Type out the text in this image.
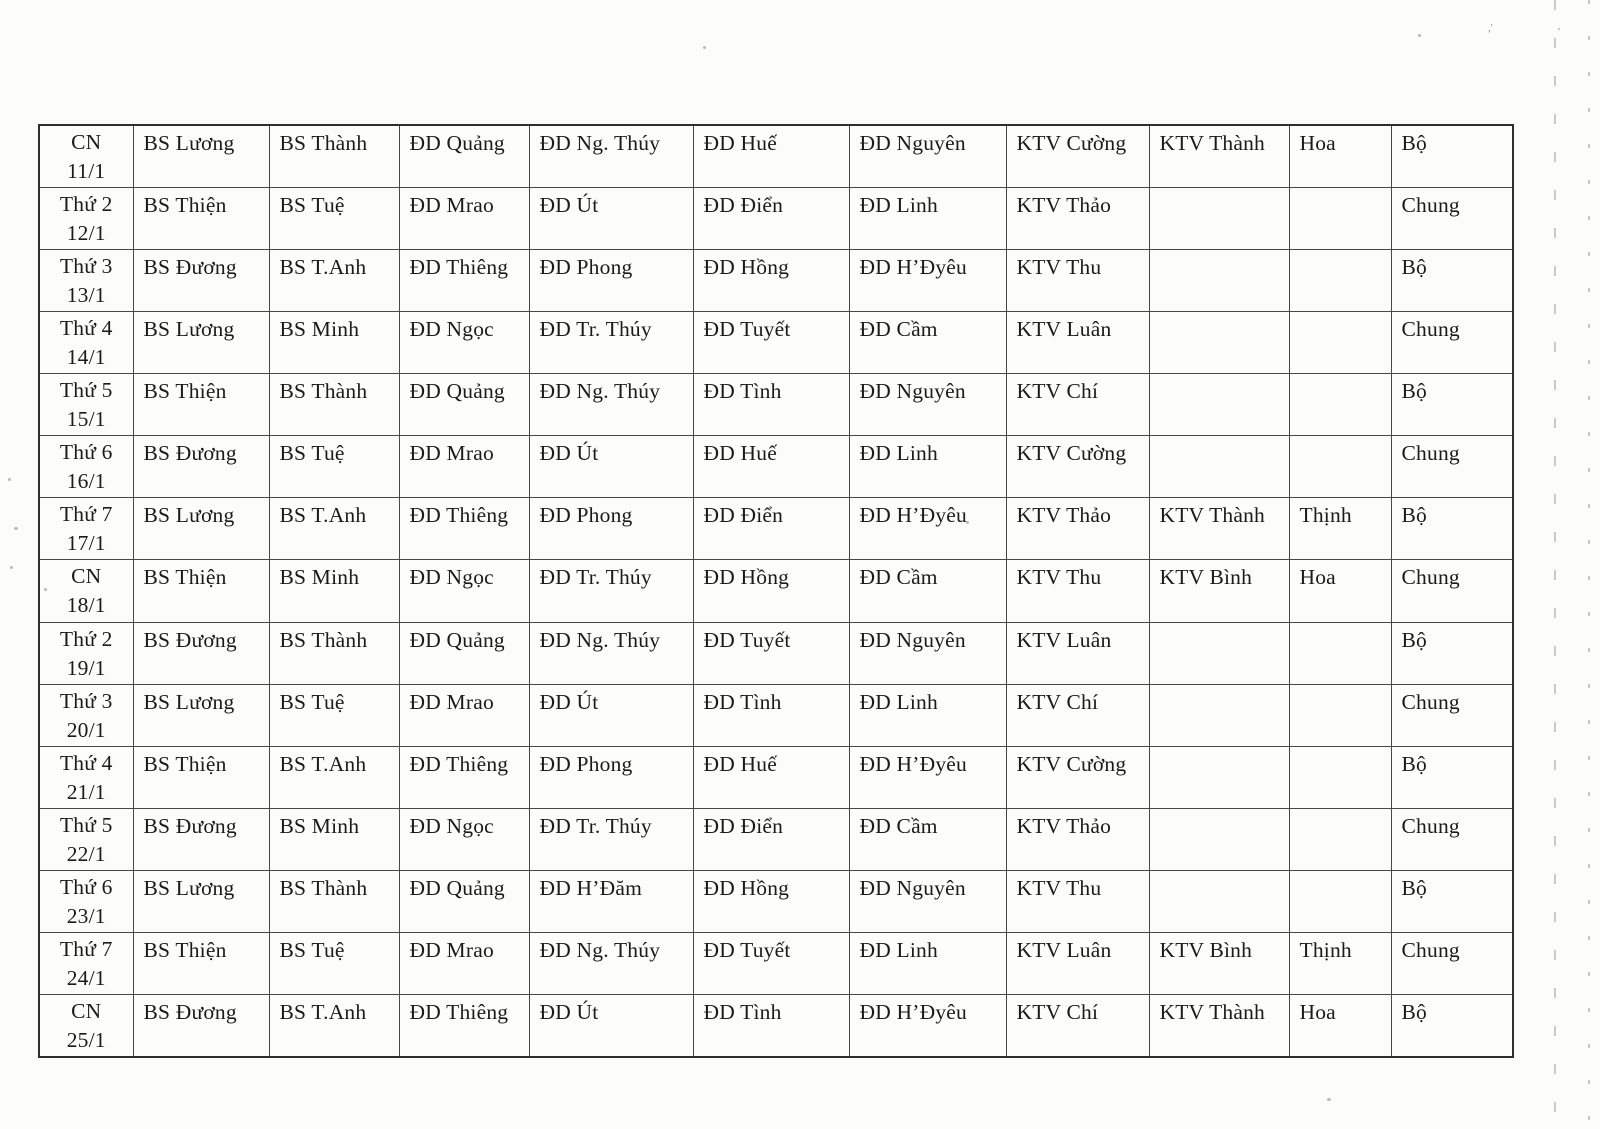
CN
11/1	BS Lương	BS Thành	ĐD Quảng	ĐD Ng. Thúy	ĐD Huế	ĐD Nguyên	KTV Cường	KTV Thành	Hoa	Bộ

Thứ 2
12/1	BS Thiện	BS Tuệ	ĐD Mrao	ĐD Út	ĐD Điển	ĐD Linh	KTV Thảo			Chung

Thứ 3
13/1	BS Đương	BS T.Anh	ĐD Thiêng	ĐD Phong	ĐD Hồng	ĐD H’Đyêu	KTV Thu			Bộ

Thứ 4
14/1	BS Lương	BS Minh	ĐD Ngọc	ĐD Tr. Thúy	ĐD Tuyết	ĐD Cầm	KTV Luân			Chung

Thứ 5
15/1	BS Thiện	BS Thành	ĐD Quảng	ĐD Ng. Thúy	ĐD Tình	ĐD Nguyên	KTV Chí			Bộ

Thứ 6
16/1	BS Đương	BS Tuệ	ĐD Mrao	ĐD Út	ĐD Huế	ĐD Linh	KTV Cường			Chung

Thứ 7
17/1	BS Lương	BS T.Anh	ĐD Thiêng	ĐD Phong	ĐD Điển	ĐD H’Đyêu	KTV Thảo	KTV Thành	Thịnh	Bộ

CN
18/1	BS Thiện	BS Minh	ĐD Ngọc	ĐD Tr. Thúy	ĐD Hồng	ĐD Cầm	KTV Thu	KTV Bình	Hoa	Chung

Thứ 2
19/1	BS Đương	BS Thành	ĐD Quảng	ĐD Ng. Thúy	ĐD Tuyết	ĐD Nguyên	KTV Luân			Bộ

Thứ 3
20/1	BS Lương	BS Tuệ	ĐD Mrao	ĐD Út	ĐD Tình	ĐD Linh	KTV Chí			Chung

Thứ 4
21/1	BS Thiện	BS T.Anh	ĐD Thiêng	ĐD Phong	ĐD Huế	ĐD H’Đyêu	KTV Cường			Bộ

Thứ 5
22/1	BS Đương	BS Minh	ĐD Ngọc	ĐD Tr. Thúy	ĐD Điển	ĐD Cầm	KTV Thảo			Chung

Thứ 6
23/1	BS Lương	BS Thành	ĐD Quảng	ĐD H’Đăm	ĐD Hồng	ĐD Nguyên	KTV Thu			Bộ

Thứ 7
24/1	BS Thiện	BS Tuệ	ĐD Mrao	ĐD Ng. Thúy	ĐD Tuyết	ĐD Linh	KTV Luân	KTV Bình	Thịnh	Chung

CN
25/1	BS Đương	BS T.Anh	ĐD Thiêng	ĐD Út	ĐD Tình	ĐD H’Đyêu	KTV Chí	KTV Thành	Hoa	Bộ
,'	'
